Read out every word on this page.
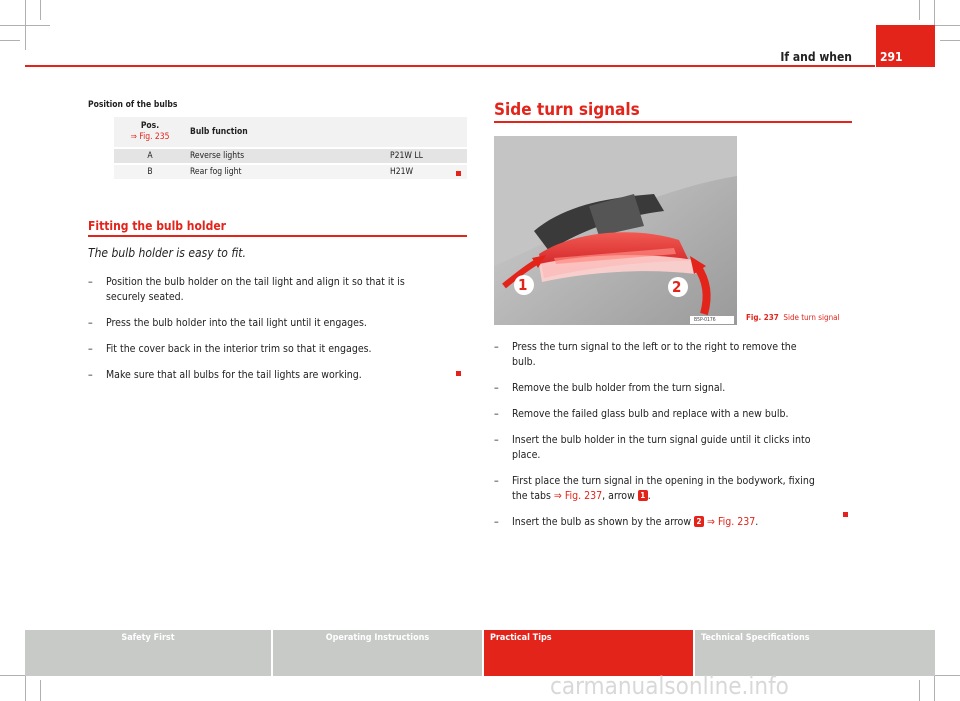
If and when 291
Position of the bulbs
Pos.
⇒ Fig. 235	Bulb function
A	Reverse lights	P21W LL
B	Rear fog light	H21W
Fitting the bulb holder
The bulb holder is easy to fit.
– Position the bulb holder on the tail light and align it so that it is
securely seated.
– Press the bulb holder into the tail light until it engages.
– Fit the cover back in the interior trim so that it engages.
– Make sure that all bulbs for the tail lights are working.
Side turn signals
1	2
B5P-0176	Fig. 237 Side turn signal
– Press the turn signal to the left or to the right to remove the
bulb.
– Remove the bulb holder from the turn signal.
– Remove the failed glass bulb and replace with a new bulb.
– Insert the bulb holder in the turn signal guide until it clicks into
place.
– First place the turn signal in the opening in the bodywork, fixing
the tabs ⇒ Fig. 237, arrow 1 .
– Insert the bulb as shown by the arrow 2 ⇒ Fig. 237.
Safety First	Operating Instructions	Practical Tips	Technical Specifications
carmanualsonline.info
